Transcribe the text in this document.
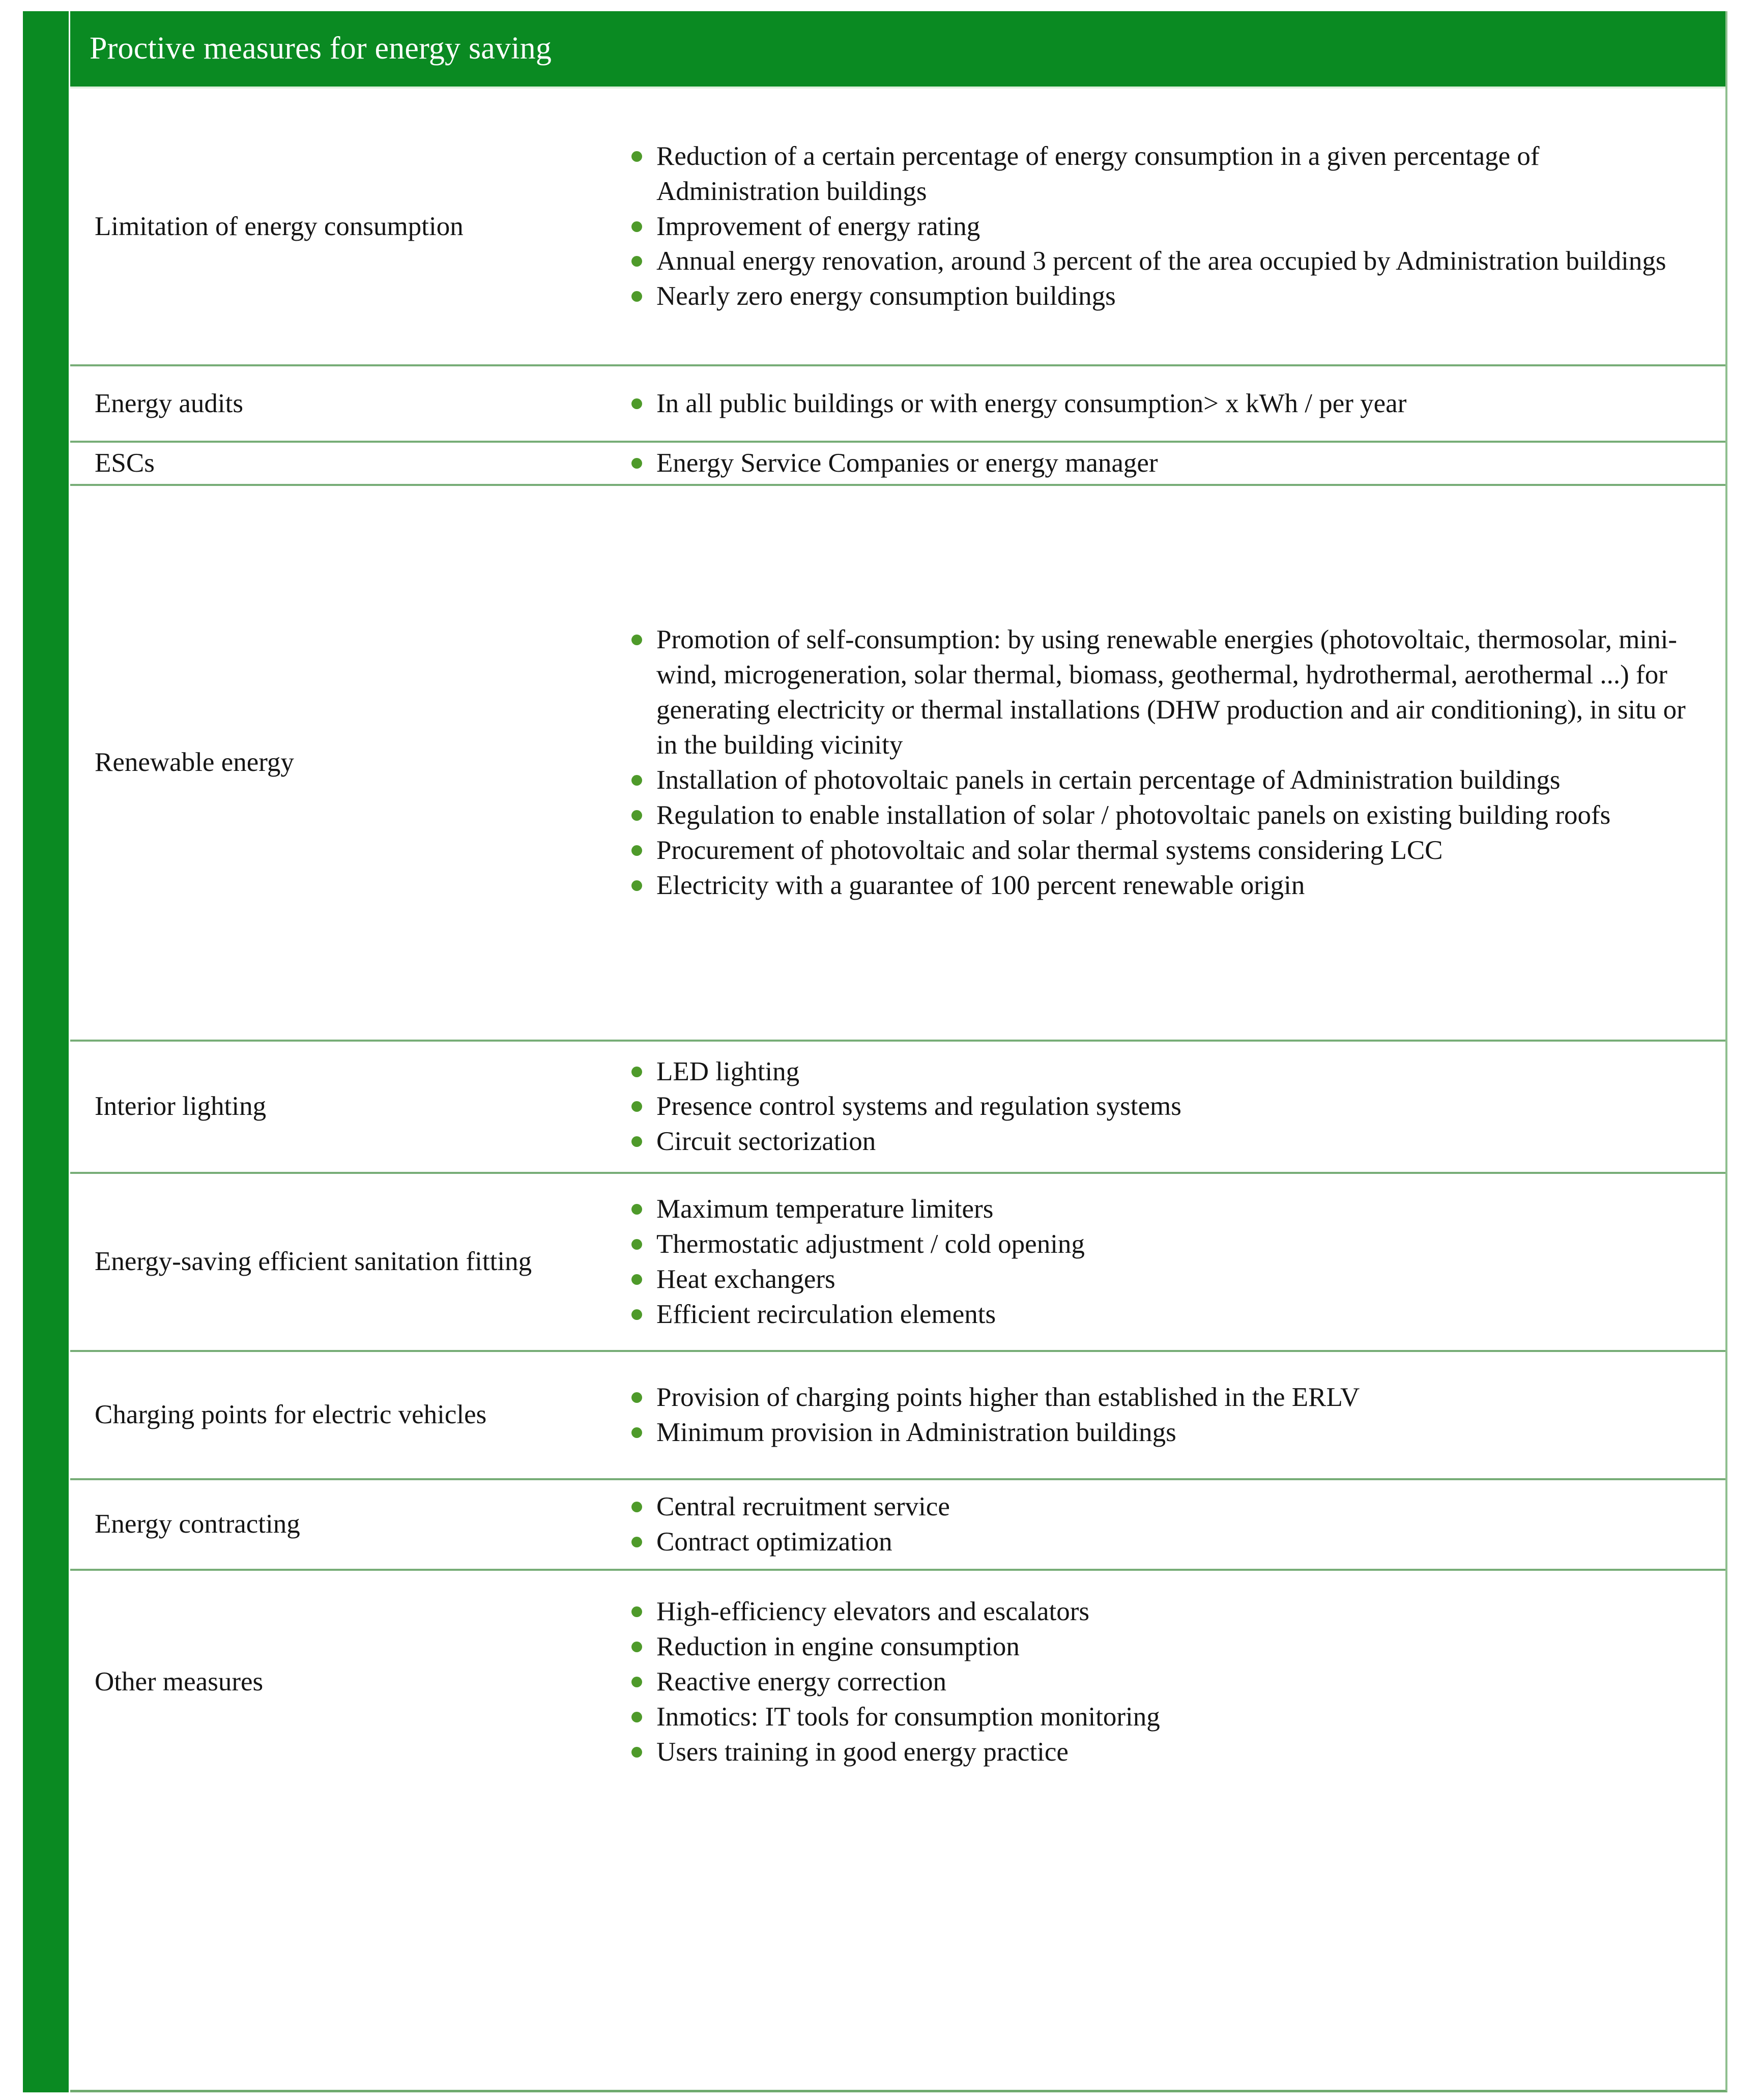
Proctive measures for energy saving
Limitation of energy consumption
Reduction of a certain percentage of energy consumption in a given percentage of Administration buildings
Improvement of energy rating
Annual energy renovation, around 3 percent of the area occupied by Administration buildings
Nearly zero energy consumption buildings
Energy audits	In all public buildings or with energy consumption> x kWh / per year
ESCs	Energy Service Companies or energy manager
Renewable energy
Promotion of self-consumption: by using renewable energies (photovoltaic, thermosolar, mini-wind, microgeneration, solar thermal, biomass, geothermal, hydrothermal, aerothermal ...) for generating electricity or thermal installations (DHW production and air conditioning), in situ or in the building vicinity
Installation of photovoltaic panels in certain percentage of Administration buildings
Regulation to enable installation of solar / photovoltaic panels on existing building roofs
Procurement of photovoltaic and solar thermal systems considering LCC
Electricity with a guarantee of 100 percent renewable origin
Interior lighting
LED lighting
Presence control systems and regulation systems
Circuit sectorization
Energy-saving efficient sanitation fitting
Maximum temperature limiters
Thermostatic adjustment / cold opening
Heat exchangers
Efficient recirculation elements
Charging points for electric vehicles
Provision of charging points higher than established in the ERLV
Minimum provision in Administration buildings
Energy contracting
Central recruitment service
Contract optimization
Other measures
High-efficiency elevators and escalators
Reduction in engine consumption
Reactive energy correction
Inmotics: IT tools for consumption monitoring
Users training in good energy practice
